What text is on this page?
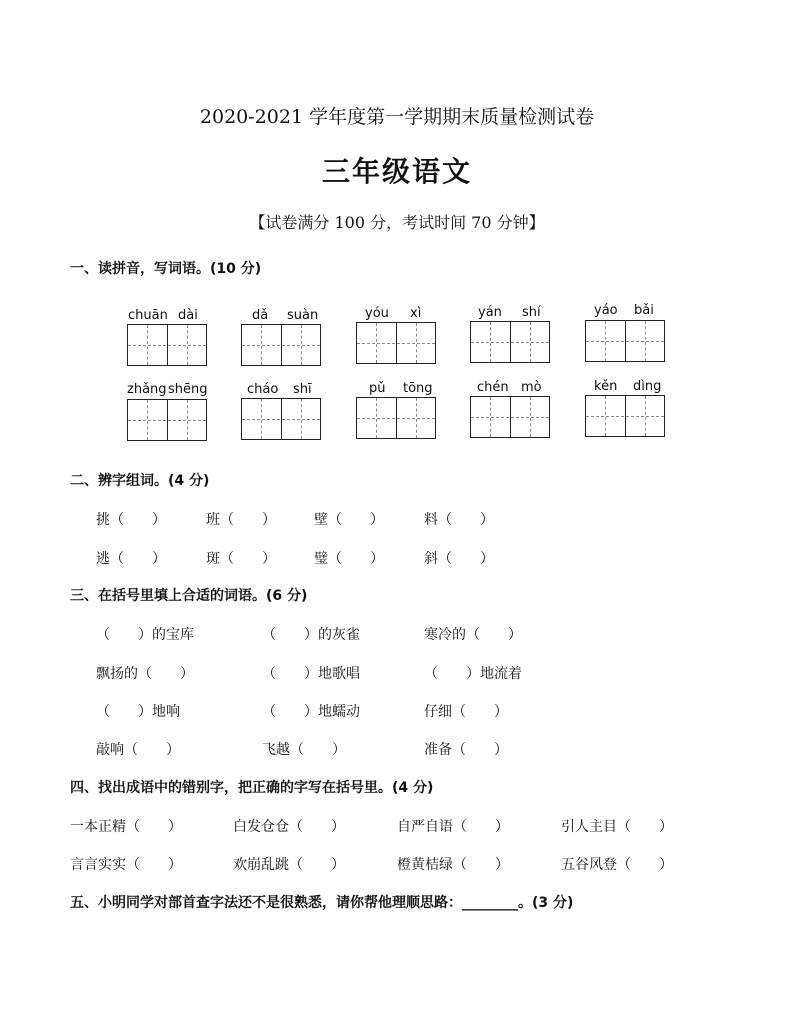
2020-2021 学年度第一学期期末质量检测试卷
三年级语文
【试卷满分 100 分，考试时间 70 分钟】
一、读拼音，写词语。(10 分)
chuān dài	dǎ suàn	yóu xì	yán shí	yáo bǎi
zhǎng shēng	cháo shī	pǔ tōng	chén mò	kěn dìng
二、辨字组词。(4 分)
挑（　　）	班（　　）	壁（　　）	料（　　）
逃（　　）	斑（　　）	璧（　　）	斜（　　）
三、在括号里填上合适的词语。(6 分)
（　　）的宝库	（　　）的灰雀	寒冷的（　　）
飘扬的（　　）	（　　）地歌唱	（　　）地流着
（　　）地响	（　　）地蠕动	仔细（　　）
敲响（　　）	飞越（　　）	准备（　　）
四、找出成语中的错别字，把正确的字写在括号里。(4 分)
一本正精（　　）	白发仓仓（　　）	自严自语（　　）	引人主目（　　）
言言实实（　　）	欢崩乱跳（　　）	橙黄桔绿（　　）	五谷风登（　　）
五、小明同学对部首查字法还不是很熟悉，请你帮他理顺思路：________。(3 分)
